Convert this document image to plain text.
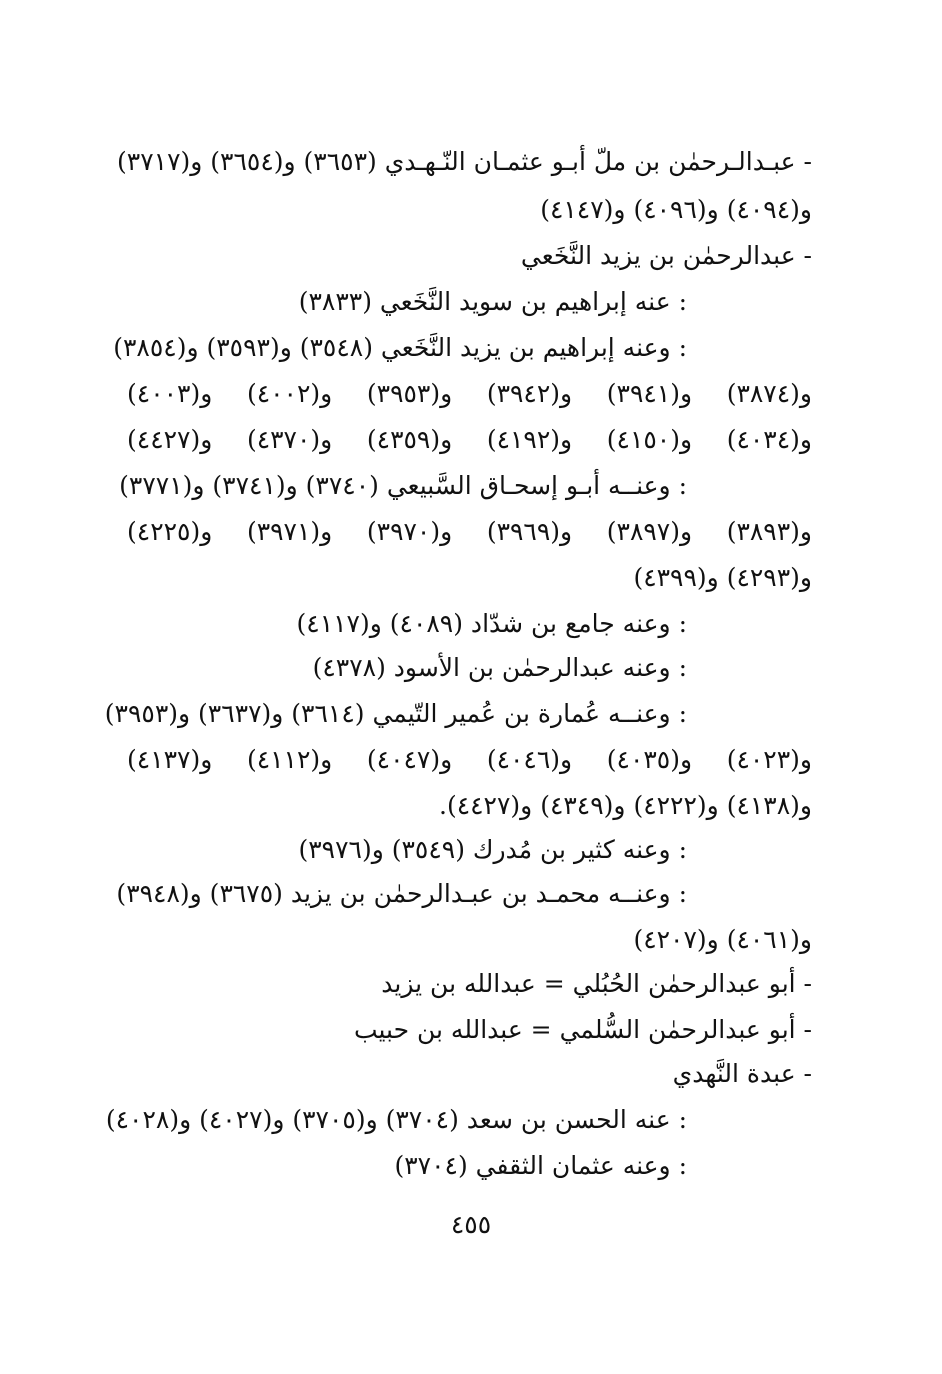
- عبـدالـرحمٰن بن ملّ أبـو عثمـان النّـهـدي (٣٦٥٣) و(٣٦٥٤) و(٣٧١٧)
و(٤٠٩٤) و(٤٠٩٦) و(٤١٤٧)
- عبدالرحمٰن بن يزيد النَّخَعي
: عنه إبراهيم بن سويد النَّخَعي (٣٨٣٣)
: وعنه إبراهيم بن يزيد النَّخَعي (٣٥٤٨) و(٣٥٩٣) و(٣٨٥٤)
و(٣٨٧٤) و(٣٩٤١) و(٣٩٤٢) و(٣٩٥٣) و(٤٠٠٢) و(٤٠٠٣)
و(٤٠٣٤) و(٤١٥٠) و(٤١٩٢) و(٤٣٥٩) و(٤٣٧٠) و(٤٤٢٧)
: وعنــه أبـو إسحـاق السَّبيعي (٣٧٤٠) و(٣٧٤١) و(٣٧٧١)
و(٣٨٩٣) و(٣٨٩٧) و(٣٩٦٩) و(٣٩٧٠) و(٣٩٧١) و(٤٢٢٥)
و(٤٢٩٣) و(٤٣٩٩)
: وعنه جامع بن شدّاد (٤٠٨٩) و(٤١١٧)
: وعنه عبدالرحمٰن بن الأسود (٤٣٧٨)
: وعنــه عُمارة بن عُمير التّيمي (٣٦١٤) و(٣٦٣٧) و(٣٩٥٣)
و(٤٠٢٣) و(٤٠٣٥) و(٤٠٤٦) و(٤٠٤٧) و(٤١١٢) و(٤١٣٧)
و(٤١٣٨) و(٤٢٢٢) و(٤٣٤٩) و(٤٤٢٧).
: وعنه كثير بن مُدرك (٣٥٤٩) و(٣٩٧٦)
: وعنــه محمـد بن عبـدالرحمٰن بن يزيد (٣٦٧٥) و(٣٩٤٨)
و(٤٠٦١) و(٤٢٠٧)
- أبو عبدالرحمٰن الحُبُلي = عبدالله بن يزيد
- أبو عبدالرحمٰن السُّلمي = عبدالله بن حبيب
- عبدة النَّهدي
: عنه الحسن بن سعد (٣٧٠٤) و(٣٧٠٥) و(٤٠٢٧) و(٤٠٢٨)
: وعنه عثمان الثقفي (٣٧٠٤)
٤٥٥
